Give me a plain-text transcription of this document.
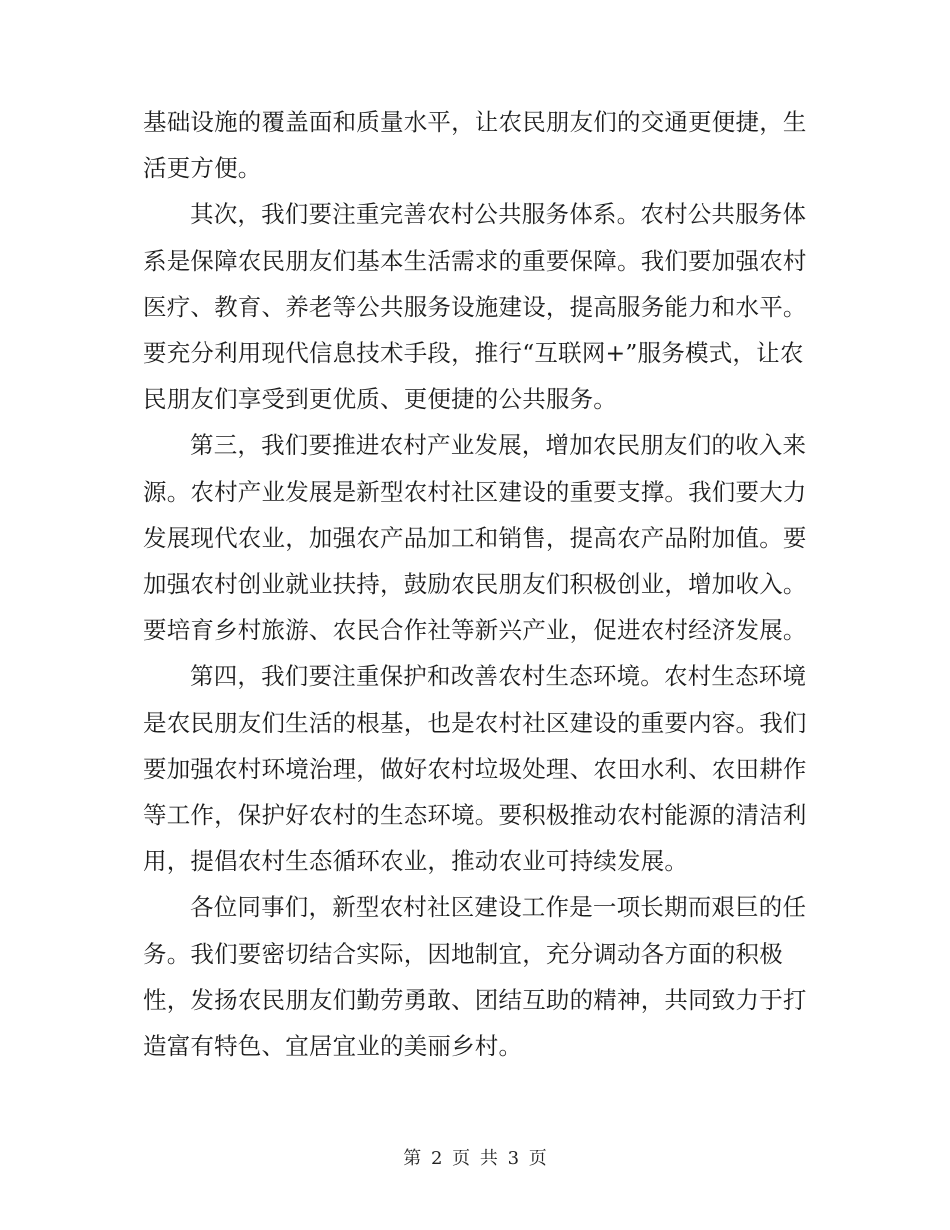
基础设施的覆盖面和质量水平，让农民朋友们的交通更便捷，生
活更方便。

其次，我们要注重完善农村公共服务体系。农村公共服务体
系是保障农民朋友们基本生活需求的重要保障。我们要加强农村
医疗、教育、养老等公共服务设施建设，提高服务能力和水平。
要充分利用现代信息技术手段，推行“互联网+”服务模式，让农
民朋友们享受到更优质、更便捷的公共服务。

第三，我们要推进农村产业发展，增加农民朋友们的收入来
源。农村产业发展是新型农村社区建设的重要支撑。我们要大力
发展现代农业，加强农产品加工和销售，提高农产品附加值。要
加强农村创业就业扶持，鼓励农民朋友们积极创业，增加收入。
要培育乡村旅游、农民合作社等新兴产业，促进农村经济发展。

第四，我们要注重保护和改善农村生态环境。农村生态环境
是农民朋友们生活的根基，也是农村社区建设的重要内容。我们
要加强农村环境治理，做好农村垃圾处理、农田水利、农田耕作
等工作，保护好农村的生态环境。要积极推动农村能源的清洁利
用，提倡农村生态循环农业，推动农业可持续发展。

各位同事们，新型农村社区建设工作是一项长期而艰巨的任
务。我们要密切结合实际，因地制宜，充分调动各方面的积极
性，发扬农民朋友们勤劳勇敢、团结互助的精神，共同致力于打
造富有特色、宜居宜业的美丽乡村。

第 2 页 共 3 页
